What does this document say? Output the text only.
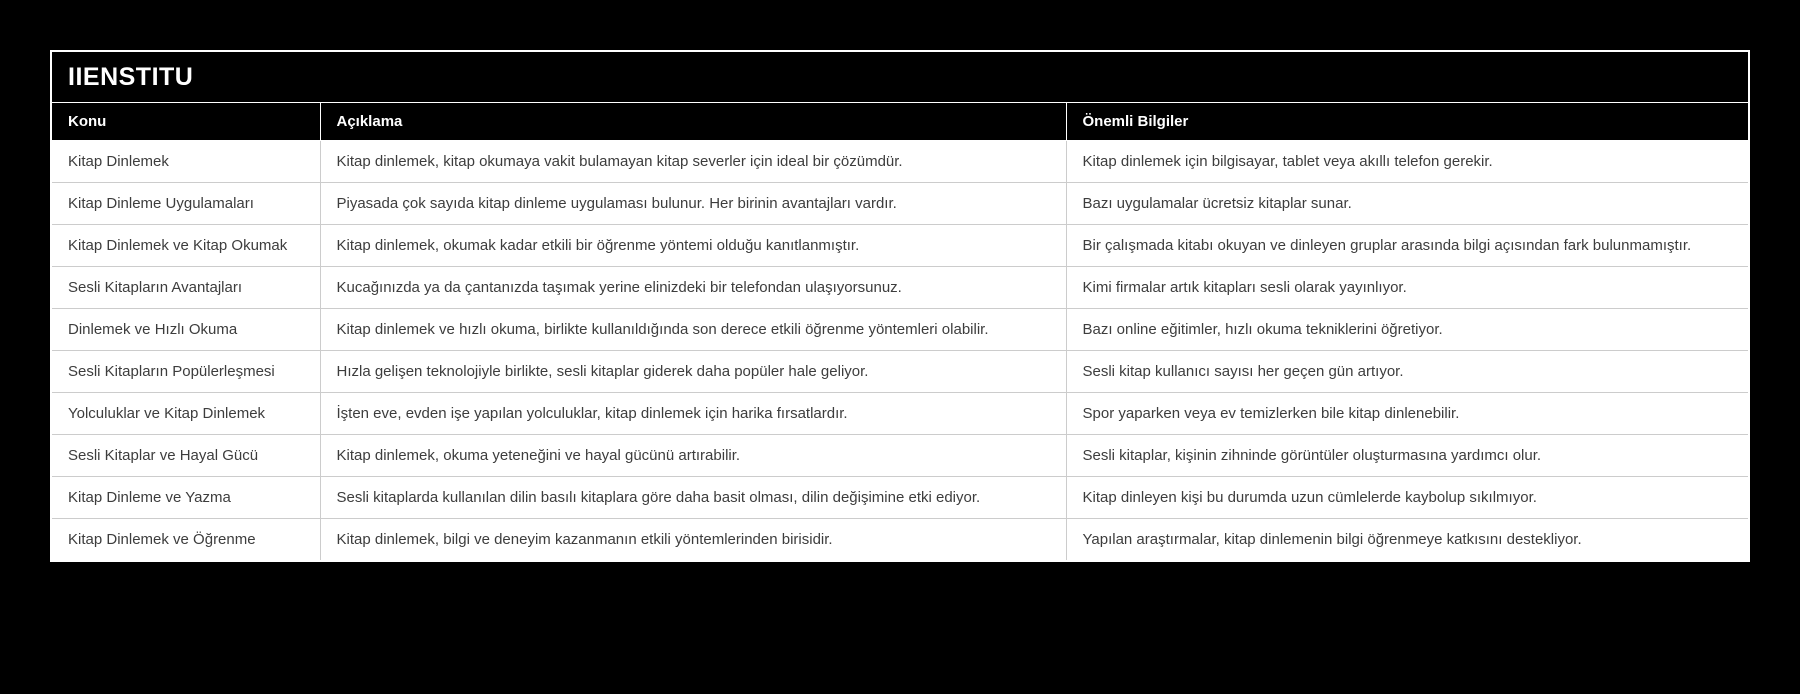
IIENSTITU
Konu	Açıklama	Önemli Bilgiler
Kitap Dinlemek	Kitap dinlemek, kitap okumaya vakit bulamayan kitap severler için ideal bir çözümdür.	Kitap dinlemek için bilgisayar, tablet veya akıllı telefon gerekir.
Kitap Dinleme Uygulamaları	Piyasada çok sayıda kitap dinleme uygulaması bulunur. Her birinin avantajları vardır.	Bazı uygulamalar ücretsiz kitaplar sunar.
Kitap Dinlemek ve Kitap Okumak	Kitap dinlemek, okumak kadar etkili bir öğrenme yöntemi olduğu kanıtlanmıştır.	Bir çalışmada kitabı okuyan ve dinleyen gruplar arasında bilgi açısından fark bulunmamıştır.
Sesli Kitapların Avantajları	Kucağınızda ya da çantanızda taşımak yerine elinizdeki bir telefondan ulaşıyorsunuz.	Kimi firmalar artık kitapları sesli olarak yayınlıyor.
Dinlemek ve Hızlı Okuma	Kitap dinlemek ve hızlı okuma, birlikte kullanıldığında son derece etkili öğrenme yöntemleri olabilir.	Bazı online eğitimler, hızlı okuma tekniklerini öğretiyor.
Sesli Kitapların Popülerleşmesi	Hızla gelişen teknolojiyle birlikte, sesli kitaplar giderek daha popüler hale geliyor.	Sesli kitap kullanıcı sayısı her geçen gün artıyor.
Yolculuklar ve Kitap Dinlemek	İşten eve, evden işe yapılan yolculuklar, kitap dinlemek için harika fırsatlardır.	Spor yaparken veya ev temizlerken bile kitap dinlenebilir.
Sesli Kitaplar ve Hayal Gücü	Kitap dinlemek, okuma yeteneğini ve hayal gücünü artırabilir.	Sesli kitaplar, kişinin zihninde görüntüler oluşturmasına yardımcı olur.
Kitap Dinleme ve Yazma	Sesli kitaplarda kullanılan dilin basılı kitaplara göre daha basit olması, dilin değişimine etki ediyor.	Kitap dinleyen kişi bu durumda uzun cümlelerde kaybolup sıkılmıyor.
Kitap Dinlemek ve Öğrenme	Kitap dinlemek, bilgi ve deneyim kazanmanın etkili yöntemlerinden birisidir.	Yapılan araştırmalar, kitap dinlemenin bilgi öğrenmeye katkısını destekliyor.
